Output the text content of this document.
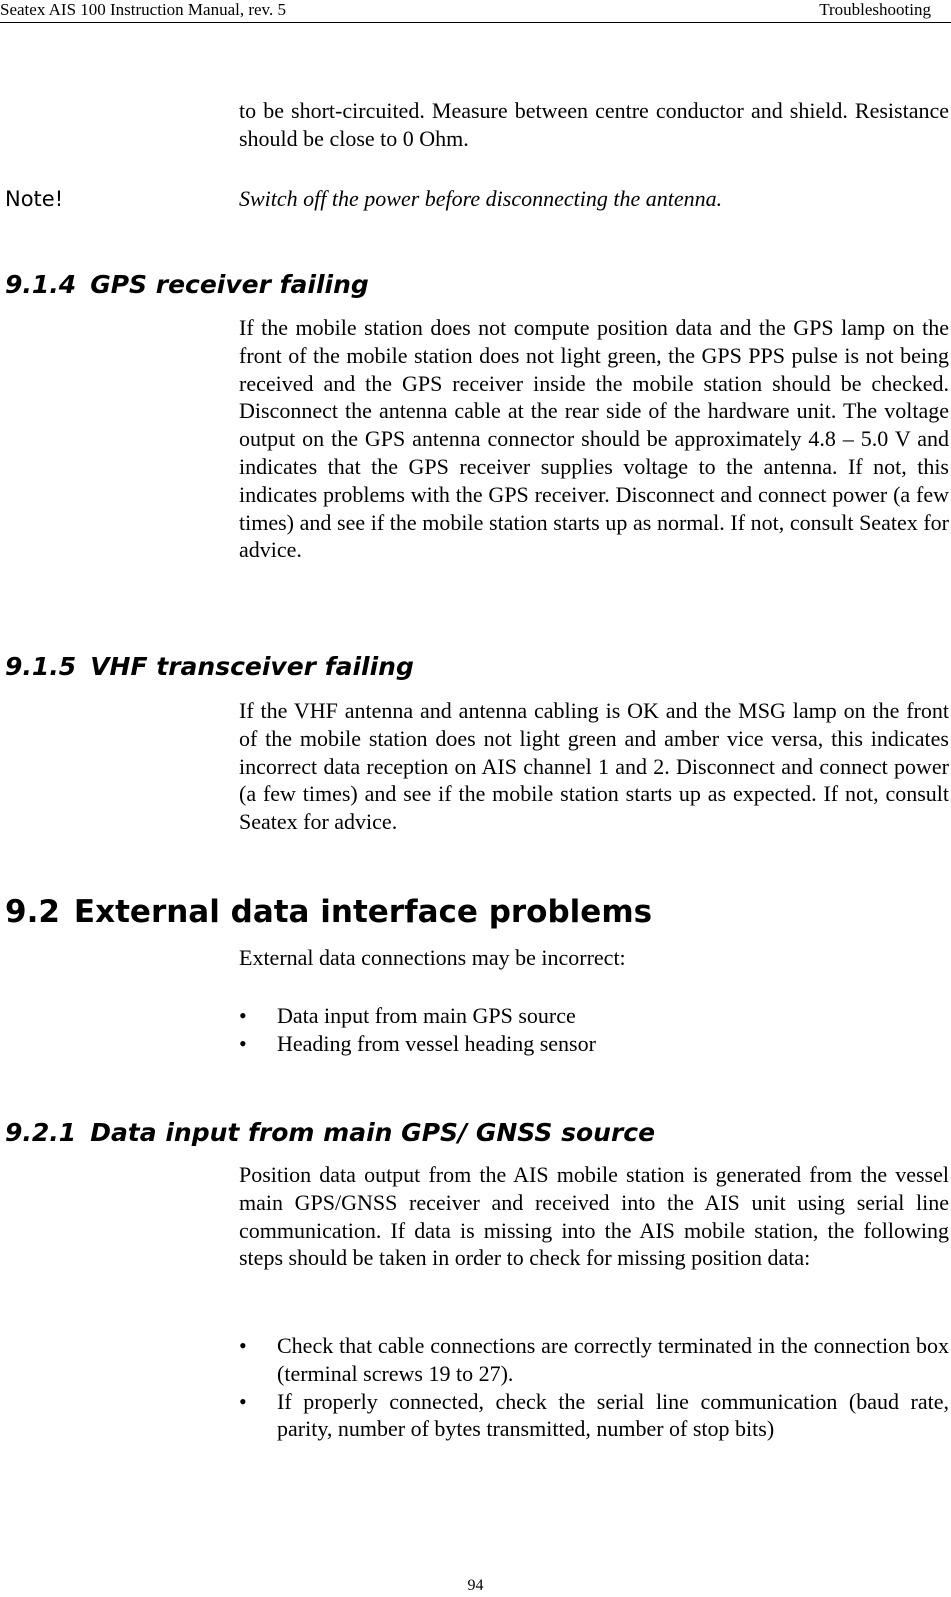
Seatex AIS 100 Instruction Manual, rev. 5	Troubleshooting

to be short-circuited. Measure between centre conductor and shield. Resistance should be close to 0 Ohm.

Note!	Switch off the power before disconnecting the antenna.
9.1.4 GPS receiver failing

If the mobile station does not compute position data and the GPS lamp on the front of the mobile station does not light green, the GPS PPS pulse is not being received and the GPS receiver inside the mobile station should be checked. Disconnect the antenna cable at the rear side of the hardware unit. The voltage output on the GPS antenna connector should be approximately 4.8 – 5.0 V and indicates that the GPS receiver supplies voltage to the antenna. If not, this indicates problems with the GPS receiver. Disconnect and connect power (a few times) and see if the mobile station starts up as normal. If not, consult Seatex for advice.

9.1.5 VHF transceiver failing

If the VHF antenna and antenna cabling is OK and the MSG lamp on the front of the mobile station does not light green and amber vice versa, this indicates incorrect data reception on AIS channel 1 and 2. Disconnect and connect power (a few times) and see if the mobile station starts up as expected. If not, consult Seatex for advice.

9.2 External data interface problems

External data connections may be incorrect:

• Data input from main GPS source
• Heading from vessel heading sensor
9.2.1 Data input from main GPS/ GNSS source

Position data output from the AIS mobile station is generated from the vessel main GPS/GNSS receiver and received into the AIS unit using serial line communication. If data is missing into the AIS mobile station, the following steps should be taken in order to check for missing position data:

• Check that cable connections are correctly terminated in the connection box (terminal screws 19 to 27).
• If properly connected, check the serial line communication (baud rate, parity, number of bytes transmitted, number of stop bits)
94
